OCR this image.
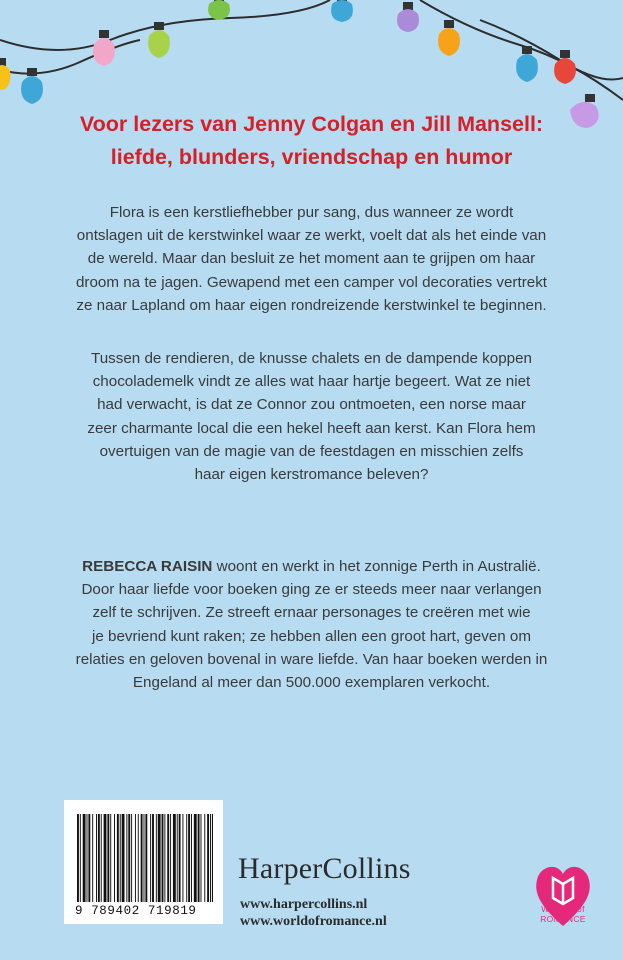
Voor lezers van Jenny Colgan en Jill Mansell:
liefde, blunders, vriendschap en humor
Flora is een kerstliefhebber pur sang, dus wanneer ze wordt
ontslagen uit de kerstwinkel waar ze werkt, voelt dat als het einde van
de wereld. Maar dan besluit ze het moment aan te grijpen om haar
droom na te jagen. Gewapend met een camper vol decoraties vertrekt
ze naar Lapland om haar eigen rondreizende kerstwinkel te beginnen.
Tussen de rendieren, de knusse chalets en de dampende koppen
chocolademelk vindt ze alles wat haar hartje begeert. Wat ze niet
had verwacht, is dat ze Connor zou ontmoeten, een norse maar
zeer charmante local die een hekel heeft aan kerst. Kan Flora hem
overtuigen van de magie van de feestdagen en misschien zelfs
haar eigen kerstromance beleven?
REBECCA RAISIN woont en werkt in het zonnige Perth in Australië.
Door haar liefde voor boeken ging ze er steeds meer naar verlangen
zelf te schrijven. Ze streeft ernaar personages te creëren met wie
je bevriend kunt raken; ze hebben allen een groot hart, geven om
relaties en geloven bovenal in ware liefde. Van haar boeken werden in
Engeland al meer dan 500.000 exemplaren verkocht.
9 789402 719819
HarperCollins
www.harpercollins.nl
www.worldofromance.nl
WORLD of
ROMANCE
